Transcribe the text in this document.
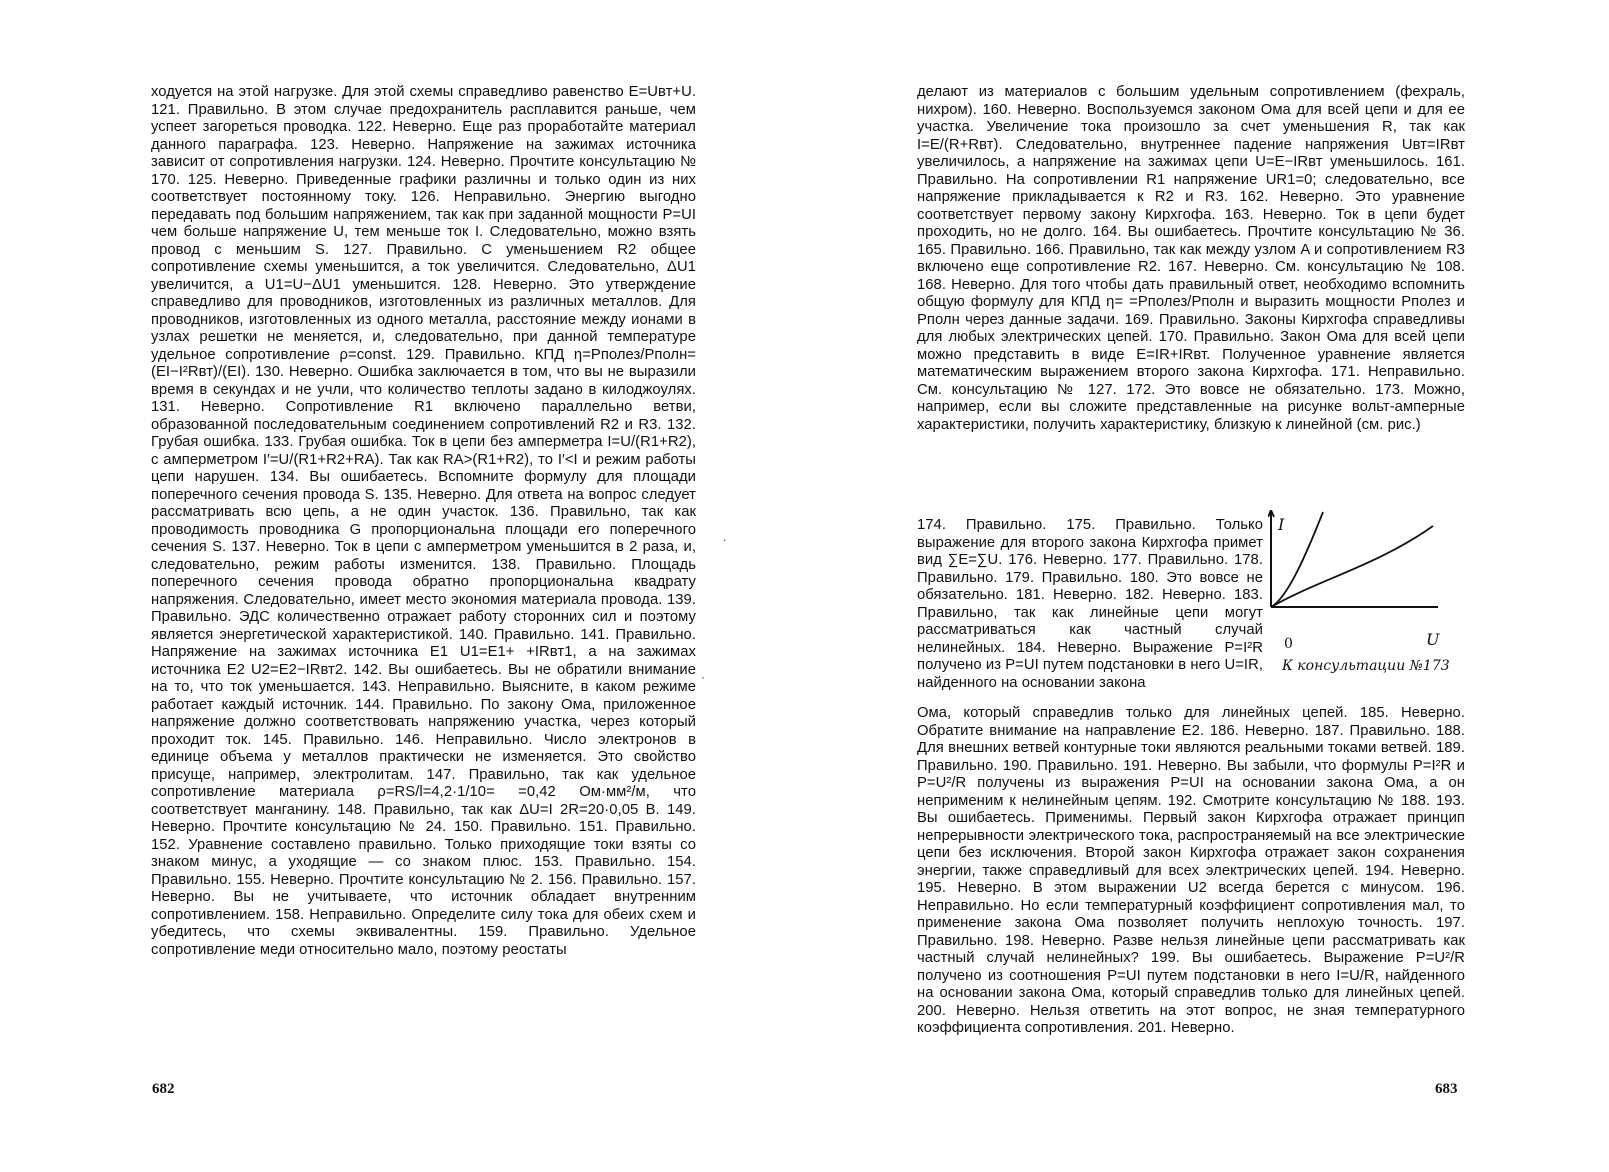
ходуется на этой нагрузке. Для этой схемы справедливо равенство E=Uвт+U. 121. Правильно. В этом случае предохранитель расплавится раньше, чем успеет загореться проводка. 122. Неверно. Еще раз проработайте материал данного параграфа. 123. Неверно. Напряжение на зажимах источника зависит от сопротивления нагрузки. 124. Неверно. Прочтите консультацию № 170. 125. Неверно. Приведенные графики различны и только один из них соответствует постоянному току. 126. Неправильно. Энергию выгодно передавать под большим напряжением, так как при заданной мощности P=UI чем больше напряжение U, тем меньше ток I. Следовательно, можно взять провод с меньшим S. 127. Правильно. С уменьшением R2 общее сопротивление схемы уменьшится, а ток увеличится. Следовательно, ΔU1 увеличится, а U1=U−ΔU1 уменьшится. 128. Неверно. Это утверждение справедливо для проводников, изготовленных из различных металлов. Для проводников, изготовленных из одного металла, расстояние между ионами в узлах решетки не меняется, и, следовательно, при данной температуре удельное сопротивление ρ=const. 129. Правильно. КПД η=Pполез/Pполн=(EI−I²Rвт)/(EI). 130. Неверно. Ошибка заключается в том, что вы не выразили время в секундах и не учли, что количество теплоты задано в килоджоулях. 131. Неверно. Сопротивление R1 включено параллельно ветви, образованной последовательным соединением сопротивлений R2 и R3. 132. Грубая ошибка. 133. Грубая ошибка. Ток в цепи без амперметра I=U/(R1+R2), с амперметром I′=U/(R1+R2+RA). Так как RA>(R1+R2), то I′<I и режим работы цепи нарушен. 134. Вы ошибаетесь. Вспомните формулу для площади поперечного сечения провода S. 135. Неверно. Для ответа на вопрос следует рассматривать всю цепь, а не один участок. 136. Правильно, так как проводимость проводника G пропорциональна площади его поперечного сечения S. 137. Неверно. Ток в цепи с амперметром уменьшится в 2 раза, и, следовательно, режим работы изменится. 138. Правильно. Площадь поперечного сечения провода обратно пропорциональна квадрату напряжения. Следовательно, имеет место экономия материала провода. 139. Правильно. ЭДС количественно отражает работу сторонних сил и поэтому является энергетической характеристикой. 140. Правильно. 141. Правильно. Напряжение на зажимах источника E1 U1=E1+ +IRвт1, а на зажимах источника E2 U2=E2−IRвт2. 142. Вы ошибаетесь. Вы не обратили внимание на то, что ток уменьшается. 143. Неправильно. Выясните, в каком режиме работает каждый источник. 144. Правильно. По закону Ома, приложенное напряжение должно соответствовать напряжению участка, через который проходит ток. 145. Правильно. 146. Неправильно. Число электронов в единице объема у металлов практически не изменяется. Это свойство присуще, например, электролитам. 147. Правильно, так как удельное сопротивление материала ρ=RS/l=4,2·1/10= =0,42 Ом·мм²/м, что соответствует манганину. 148. Правильно, так как ΔU=I 2R=20·0,05 В. 149. Неверно. Прочтите консультацию № 24. 150. Правильно. 151. Правильно. 152. Уравнение составлено правильно. Только приходящие токи взяты со знаком минус, а уходящие — со знаком плюс. 153. Правильно. 154. Правильно. 155. Неверно. Прочтите консультацию № 2. 156. Правильно. 157. Неверно. Вы не учитываете, что источник обладает внутренним сопротивлением. 158. Неправильно. Определите силу тока для обеих схем и убедитесь, что схемы эквивалентны. 159. Правильно. Удельное сопротивление меди относительно мало, поэтому реостаты

делают из материалов с большим удельным сопротивлением (фехраль, нихром). 160. Неверно. Воспользуемся законом Ома для всей цепи и для ее участка. Увеличение тока произошло за счет уменьшения R, так как I=E/(R+Rвт). Следовательно, внутреннее падение напряжения Uвт=IRвт увеличилось, а напряжение на зажимах цепи U=E−IRвт уменьшилось. 161. Правильно. На сопротивлении R1 напряжение UR1=0; следовательно, все напряжение прикладывается к R2 и R3. 162. Неверно. Это уравнение соответствует первому закону Кирхгофа. 163. Неверно. Ток в цепи будет проходить, но не долго. 164. Вы ошибаетесь. Прочтите консультацию № 36. 165. Правильно. 166. Правильно, так как между узлом A и сопротивлением R3 включено еще сопротивление R2. 167. Неверно. См. консультацию № 108. 168. Неверно. Для того чтобы дать правильный ответ, необходимо вспомнить общую формулу для КПД η= =Pполез/Pполн и выразить мощности Pполез и Pполн через данные задачи. 169. Правильно. Законы Кирхгофа справедливы для любых электрических цепей. 170. Правильно. Закон Ома для всей цепи можно представить в виде E=IR+IRвт. Полученное уравнение является математическим выражением второго закона Кирхгофа. 171. Неправильно. См. консультацию № 127. 172. Это вовсе не обязательно. 173. Можно, например, если вы сложите представленные на рисунке вольт-амперные характеристики, получить характеристику, близкую к линейной (см. рис.)

174. Правильно. 175. Правильно. Только выражение для второго закона Кирхгофа примет вид ∑E=∑U. 176. Неверно. 177. Правильно. 178. Правильно. 179. Правильно. 180. Это вовсе не обязательно. 181. Неверно. 182. Неверно. 183. Правильно, так как линейные цепи могут рассматриваться как частный случай нелинейных. 184. Неверно. Выражение P=I²R получено из P=UI путем подстановки в него U=IR, найденного на основании закона

Ома, который справедлив только для линейных цепей. 185. Неверно. Обратите внимание на направление E2. 186. Неверно. 187. Правильно. 188. Для внешних ветвей контурные токи являются реальными токами ветвей. 189. Правильно. 190. Правильно. 191. Неверно. Вы забыли, что формулы P=I²R и P=U²/R получены из выражения P=UI на основании закона Ома, а он неприменим к нелинейным цепям. 192. Смотрите консультацию № 188. 193. Вы ошибаетесь. Применимы. Первый закон Кирхгофа отражает принцип непрерывности электрического тока, распространяемый на все электрические цепи без исключения. Второй закон Кирхгофа отражает закон сохранения энергии, также справедливый для всех электрических цепей. 194. Неверно. 195. Неверно. В этом выражении U2 всегда берется с минусом. 196. Неправильно. Но если температурный коэффициент сопротивления мал, то применение закона Ома позволяет получить неплохую точность. 197. Правильно. 198. Неверно. Разве нельзя линейные цепи рассматривать как частный случай нелинейных? 199. Вы ошибаетесь. Выражение P=U²/R получено из соотношения P=UI путем подстановки в него I=U/R, найденного на основании закона Ома, который справедлив только для линейных цепей. 200. Неверно. Нельзя ответить на этот вопрос, не зная температурного коэффициента сопротивления. 201. Неверно.

I
U
0
К консультации №173
.
·
682	683
